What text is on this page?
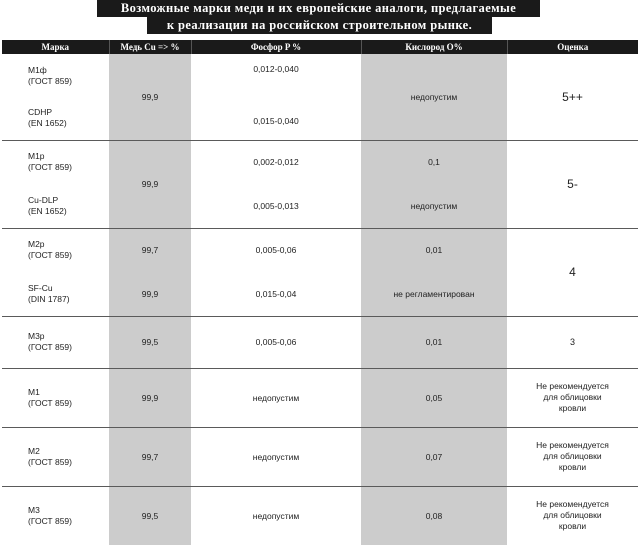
Возможные марки меди и их европейские аналоги, предлагаемые
к реализации на российском строительном рынке.
Марка	Медь Cu => %	Фосфор P %	Кислород O%	Оценка

М1ф
(ГОСТ 859)	99,9	0,012-0,040	недопустим	5++

CDHP
(EN 1652)		0,015-0,040		

М1р
(ГОСТ 859)	99,9	0,002-0,012	0,1	5-

Cu-DLP
(EN 1652)		0,005-0,013	недопустим	

М2р
(ГОСТ 859)	99,7	0,005-0,06	0,01	4

SF-Cu
(DIN 1787)	99,9	0,015-0,04	не регламентирован	

М3р
(ГОСТ 859)	99,5	0,005-0,06	0,01	3

М1
(ГОСТ 859)	99,9	недопустим	0,05	Не рекомендуется для облицовки кровли

М2
(ГОСТ 859)	99,7	недопустим	0,07	Не рекомендуется для облицовки кровли

М3
(ГОСТ 859)	99,5	недопустим	0,08	Не рекомендуется для облицовки кровли
